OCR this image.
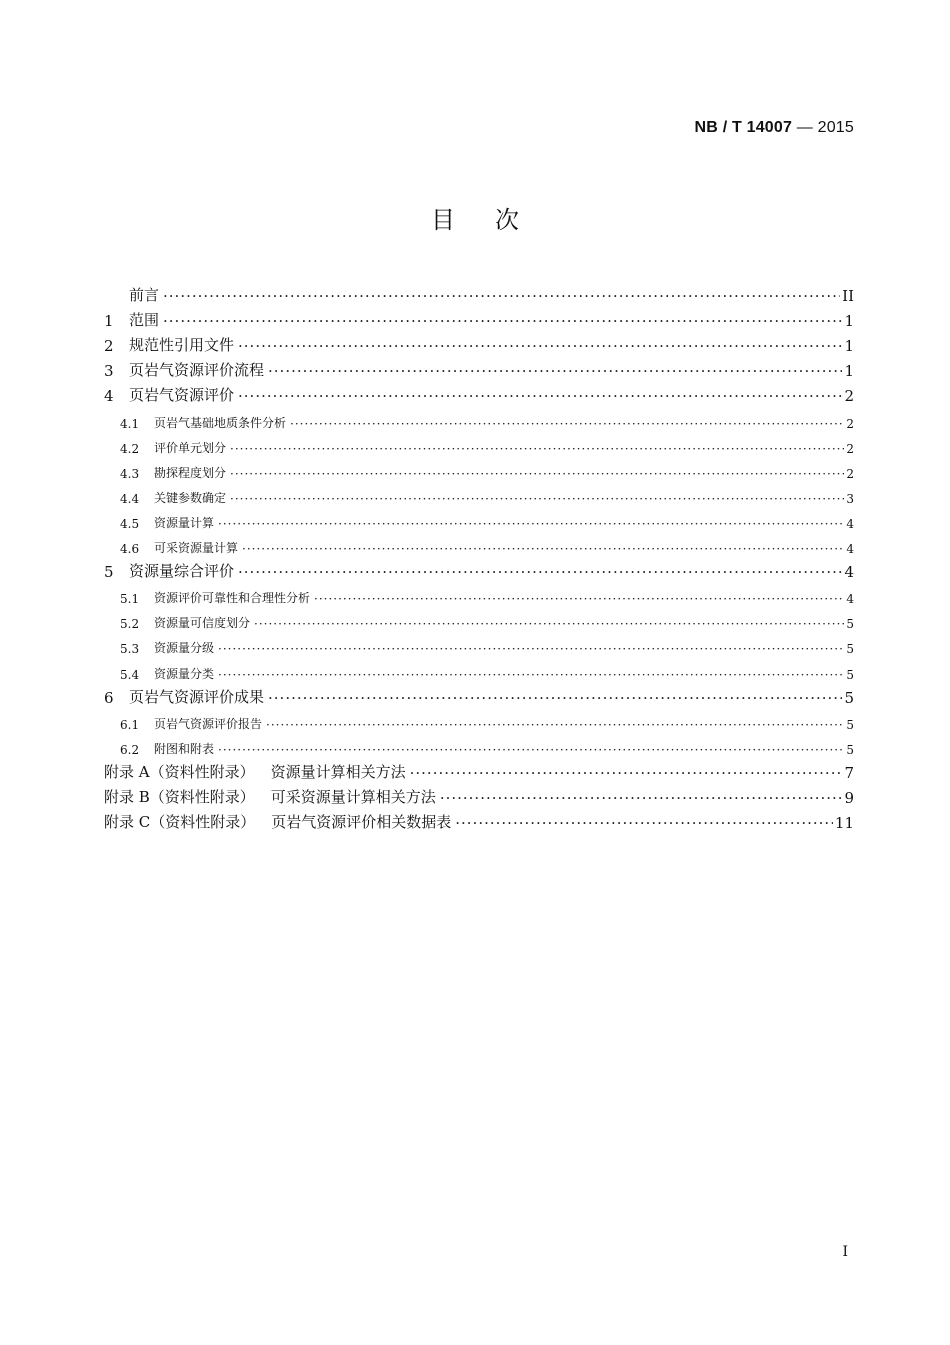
NB / T 14007 — 2015
目次
前言 ·····	II
1	范围 ·····	1
2	规范性引用文件 ·····	1
3	页岩气资源评价流程 ·····	1
4	页岩气资源评价 ·····	2
4.1	页岩气基础地质条件分析 ·····	2
4.2	评价单元划分 ·····	2
4.3	勘探程度划分 ·····	2
4.4	关键参数确定 ·····	3
4.5	资源量计算 ·····	4
4.6	可采资源量计算 ·····	4
5	资源量综合评价 ·····	4
5.1	资源评价可靠性和合理性分析 ·····	4
5.2	资源量可信度划分 ·····	5
5.3	资源量分级 ·····	5
5.4	资源量分类 ·····	5
6	页岩气资源评价成果 ·····	5
6.1	页岩气资源评价报告 ·····	5
6.2	附图和附表 ·····	5
附录 A（资料性附录） 资源量计算相关方法 ·····	7
附录 B（资料性附录） 可采资源量计算相关方法 ·····	9
附录 C（资料性附录） 页岩气资源评价相关数据表 ·····	11
I
